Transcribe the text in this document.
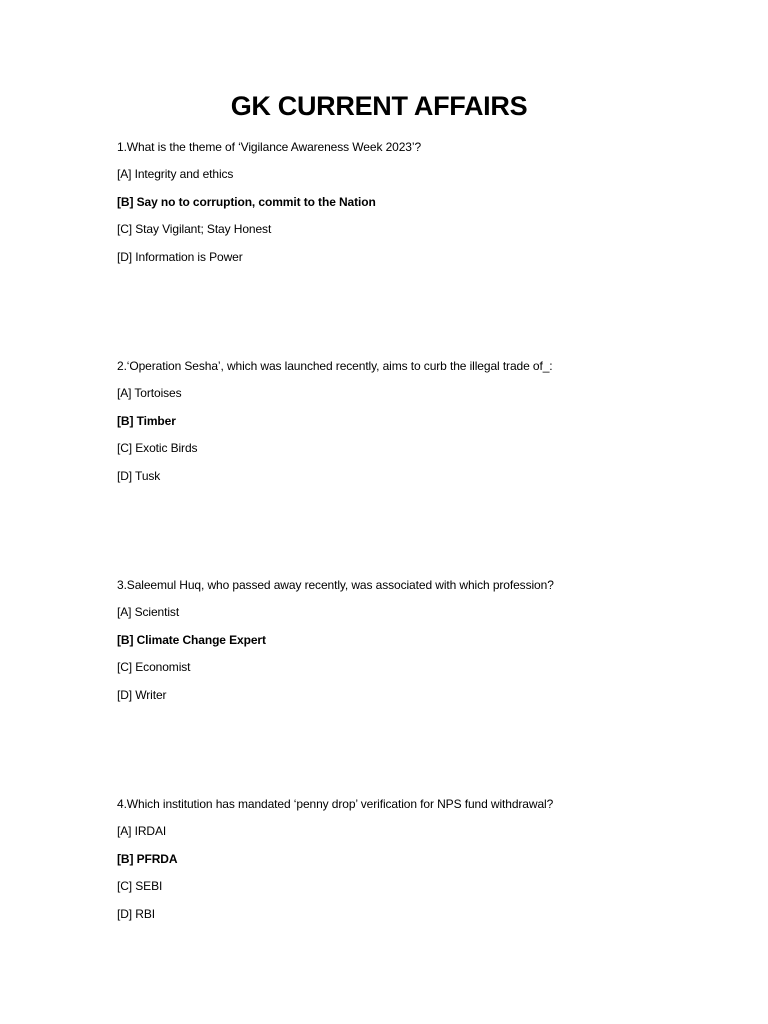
GK CURRENT AFFAIRS

1.What is the theme of ‘Vigilance Awareness Week 2023’?

[A] Integrity and ethics

[B] Say no to corruption, commit to the Nation

[C] Stay Vigilant; Stay Honest

[D] Information is Power

2.‘Operation Sesha’, which was launched recently, aims to curb the illegal trade of_:

[A] Tortoises

[B] Timber

[C] Exotic Birds

[D] Tusk

3.Saleemul Huq, who passed away recently, was associated with which profession?

[A] Scientist

[B] Climate Change Expert

[C] Economist

[D] Writer

4.Which institution has mandated ‘penny drop’ verification for NPS fund withdrawal?

[A] IRDAI

[B] PFRDA

[C] SEBI

[D] RBI
